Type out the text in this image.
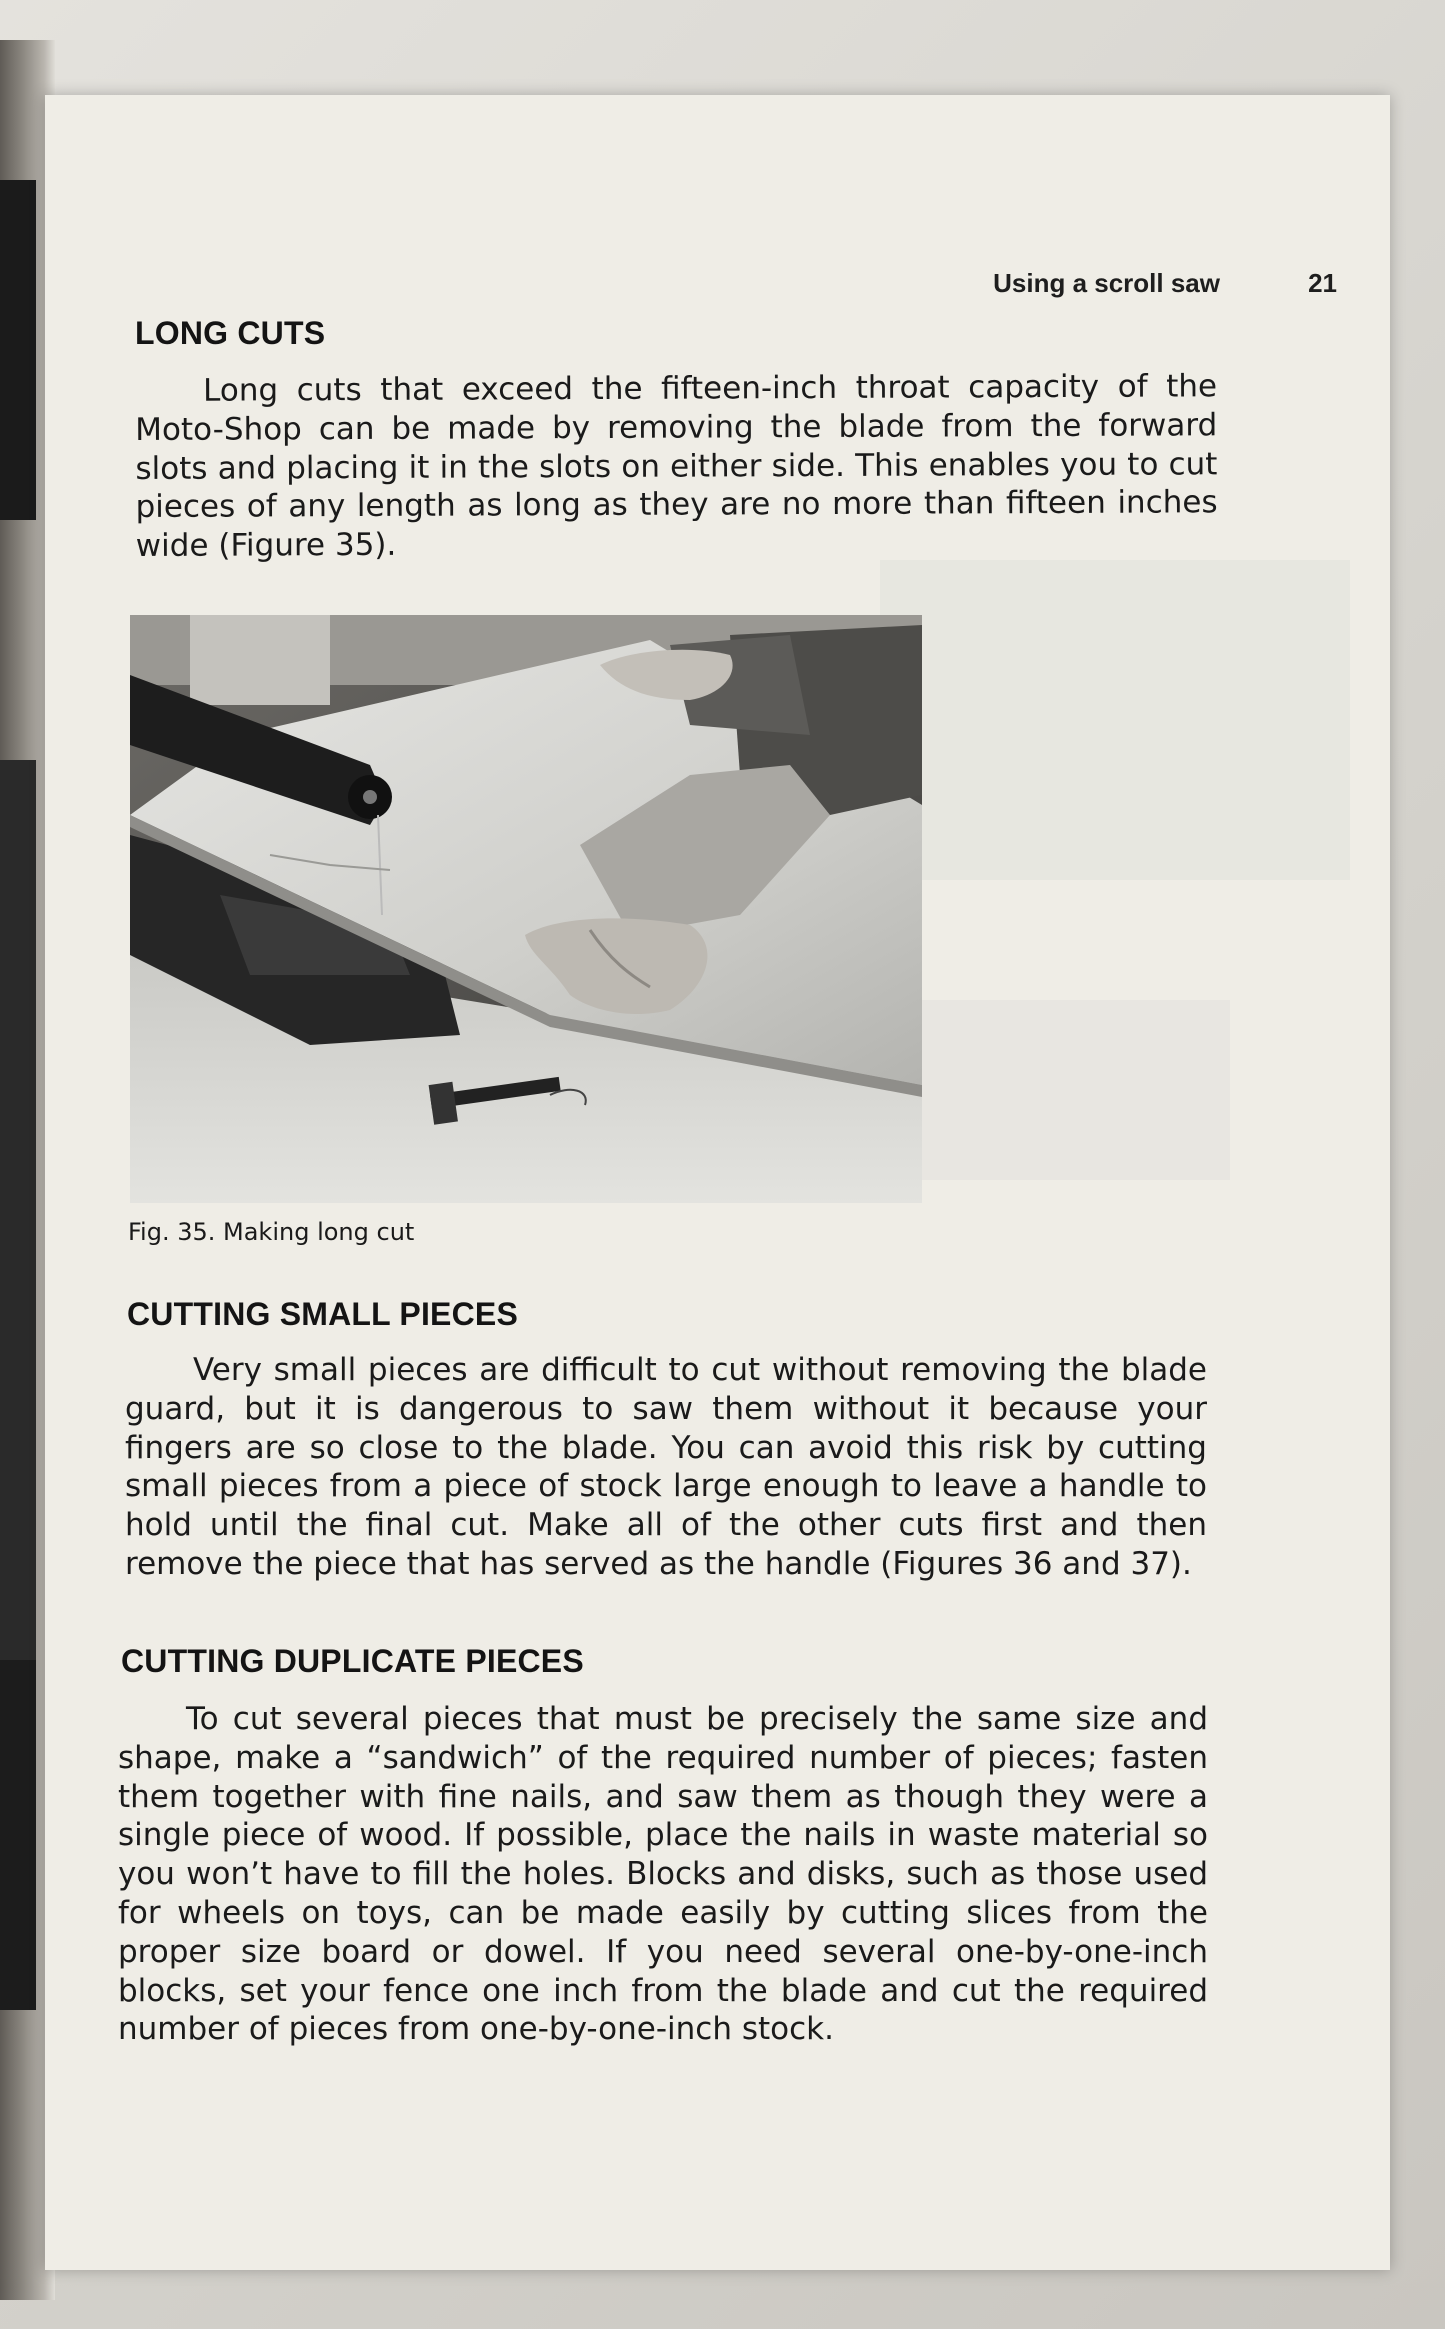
Using a scroll saw	21
LONG CUTS

Long cuts that exceed the fifteen-inch throat capacity of the Moto-Shop can be made by removing the blade from the forward slots and placing it in the slots on either side. This enables you to cut pieces of any length as long as they are no more than fifteen inches wide (Figure 35).

Fig. 35. Making long cut
CUTTING SMALL PIECES

Very small pieces are difficult to cut without removing the blade guard, but it is dangerous to saw them without it because your fingers are so close to the blade. You can avoid this risk by cutting small pieces from a piece of stock large enough to leave a handle to hold until the final cut. Make all of the other cuts first and then remove the piece that has served as the handle (Figures 36 and 37).

CUTTING DUPLICATE PIECES

To cut several pieces that must be precisely the same size and shape, make a “sandwich” of the required number of pieces; fasten them together with fine nails, and saw them as though they were a single piece of wood. If possible, place the nails in waste material so you won’t have to fill the holes. Blocks and disks, such as those used for wheels on toys, can be made easily by cutting slices from the proper size board or dowel. If you need several one-by-one-inch blocks, set your fence one inch from the blade and cut the required number of pieces from one-by-one-inch stock.
